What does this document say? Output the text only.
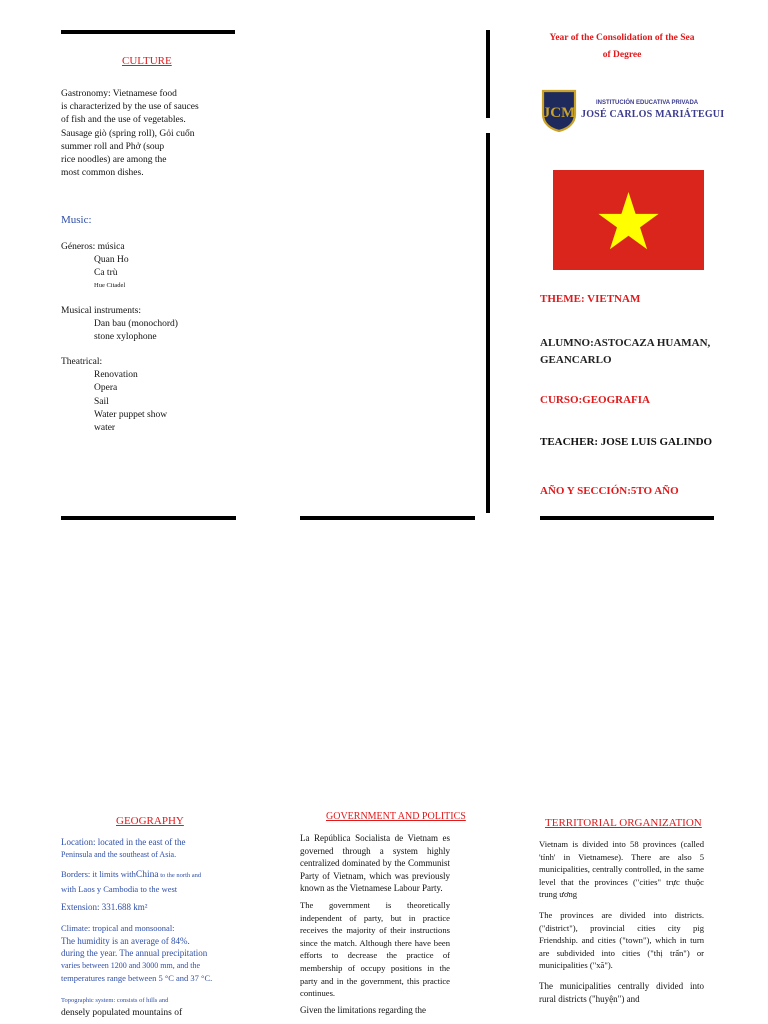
CULTURE
Gastronomy: Vietnamese food
is characterized by the use of sauces
of fish and the use of vegetables.
Sausage giò (spring roll), Gỏi cuốn
summer roll and Phở (soup
rice noodles) are among the
most common dishes.
Music:
Géneros: música
Quan Ho
Ca trù
Hue Citadel
Musical instruments:
Dan bau (monochord)
stone xylophone
Theatrical:
Renovation
Opera
Sail
Water puppet show
water
Year of the Consolidation of the Sea
of Degree
JCM
INSTITUCIÓN EDUCATIVA PRIVADA
JOSÉ CARLOS MARIÁTEGUI
THEME: VIETNAM
ALUMNO:ASTOCAZA HUAMAN,
GEANCARLO
CURSO:GEOGRAFIA
TEACHER: JOSE LUIS GALINDO
AÑO Y SECCIÓN:5TO AÑO
GEOGRAPHY
Location: located in the east of the
Peninsula and the southeast of Asia.
Borders: it limits withChina to the north and
with Laos y Cambodia to the west
Extension: 331.688 km²
Climate: tropical and monsoonal:
The humidity is an average of 84%.
during the year. The annual precipitation
varies between 1200 and 3000 mm, and the
temperatures range between 5 °C and 37 °C.
Topographic system: consists of hills and
densely populated mountains of
GOVERNMENT AND POLITICS

La República Socialista de Vietnam es governed through a system highly centralized dominated by the Communist Party of Vietnam, which was previously known as the Vietnamese Labour Party.

The government is theoretically independent of party, but in practice receives the majority of their instructions since the match. Although there have been efforts to decrease the practice of membership of occupy positions in the party and in the government, this practice continues.

Given the limitations regarding the

TERRITORIAL ORGANIZATION

Vietnam is divided into 58 provinces (called 'tỉnh' in Vietnamese). There are also 5 municipalities, centrally controlled, in the same level that the provinces ("cities" trực thuộc trung ương

The provinces are divided into districts. ("district"), provincial cities city pig Friendship. and cities ("town"), which in turn are subdivided into cities ("thị trấn") or municipalities ("xã").

The municipalities centrally divided into rural districts ("huyện") and
